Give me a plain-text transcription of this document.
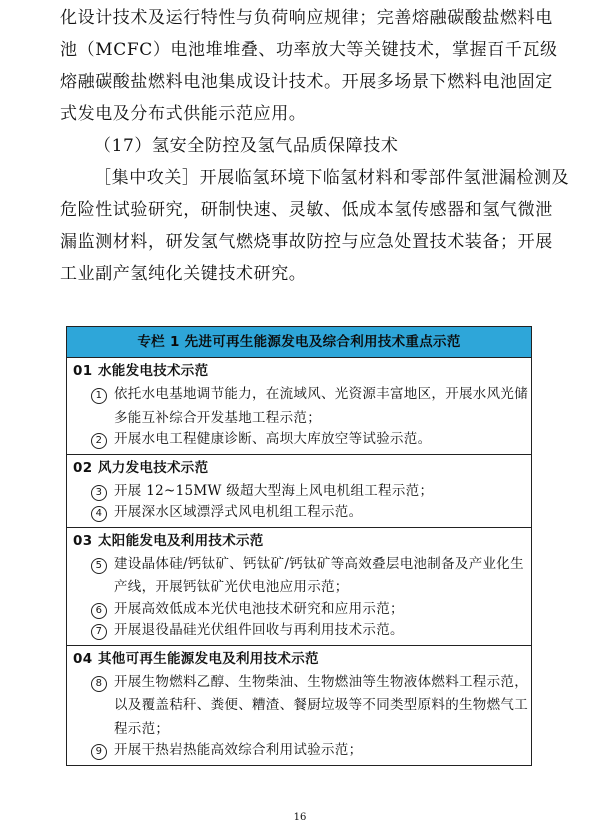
化设计技术及运行特性与负荷响应规律；完善熔融碳酸盐燃料电
池（MCFC）电池堆堆叠、功率放大等关键技术，掌握百千瓦级
熔融碳酸盐燃料电池集成设计技术。开展多场景下燃料电池固定
式发电及分布式供能示范应用。
（17）氢安全防控及氢气品质保障技术
［集中攻关］开展临氢环境下临氢材料和零部件氢泄漏检测及
危险性试验研究，研制快速、灵敏、低成本氢传感器和氢气微泄
漏监测材料，研发氢气燃烧事故防控与应急处置技术装备；开展
工业副产氢纯化关键技术研究。
专栏 1 先进可再生能源发电及综合利用技术重点示范
01 水能发电技术示范
1 依托水电基地调节能力，在流域风、光资源丰富地区，开展水风光储
多能互补综合开发基地工程示范；
2 开展水电工程健康诊断、高坝大库放空等试验示范。
02 风力发电技术示范
3 开展 12~15MW 级超大型海上风电机组工程示范；
4 开展深水区域漂浮式风电机组工程示范。
03 太阳能发电及利用技术示范
5 建设晶体硅/钙钛矿、钙钛矿/钙钛矿等高效叠层电池制备及产业化生
产线，开展钙钛矿光伏电池应用示范；
6 开展高效低成本光伏电池技术研究和应用示范；
7 开展退役晶硅光伏组件回收与再利用技术示范。
04 其他可再生能源发电及利用技术示范
8 开展生物燃料乙醇、生物柴油、生物燃油等生物液体燃料工程示范，
以及覆盖秸秆、粪便、糟渣、餐厨垃圾等不同类型原料的生物燃气工
程示范；
9 开展干热岩热能高效综合利用试验示范；
16
